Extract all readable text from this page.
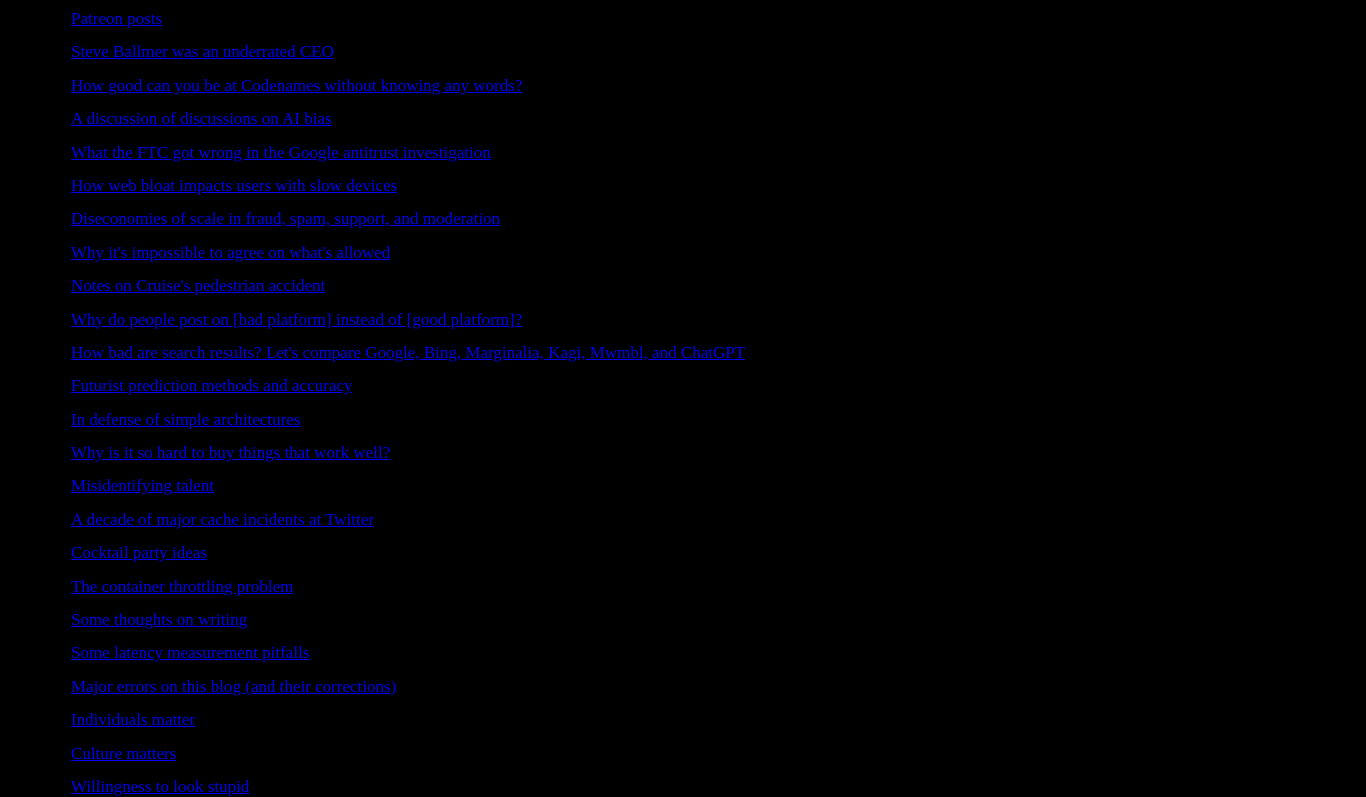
Patreon posts
Steve Ballmer was an underrated CEO
How good can you be at Codenames without knowing any words?
A discussion of discussions on AI bias
What the FTC got wrong in the Google antitrust investigation
How web bloat impacts users with slow devices
Diseconomies of scale in fraud, spam, support, and moderation
Why it's impossible to agree on what's allowed
Notes on Cruise's pedestrian accident
Why do people post on [bad platform] instead of [good platform]?
How bad are search results? Let's compare Google, Bing, Marginalia, Kagi, Mwmbl, and ChatGPT
Futurist prediction methods and accuracy
In defense of simple architectures
Why is it so hard to buy things that work well?
Misidentifying talent
A decade of major cache incidents at Twitter
Cocktail party ideas
The container throttling problem
Some thoughts on writing
Some latency measurement pitfalls
Major errors on this blog (and their corrections)
Individuals matter
Culture matters
Willingness to look stupid
